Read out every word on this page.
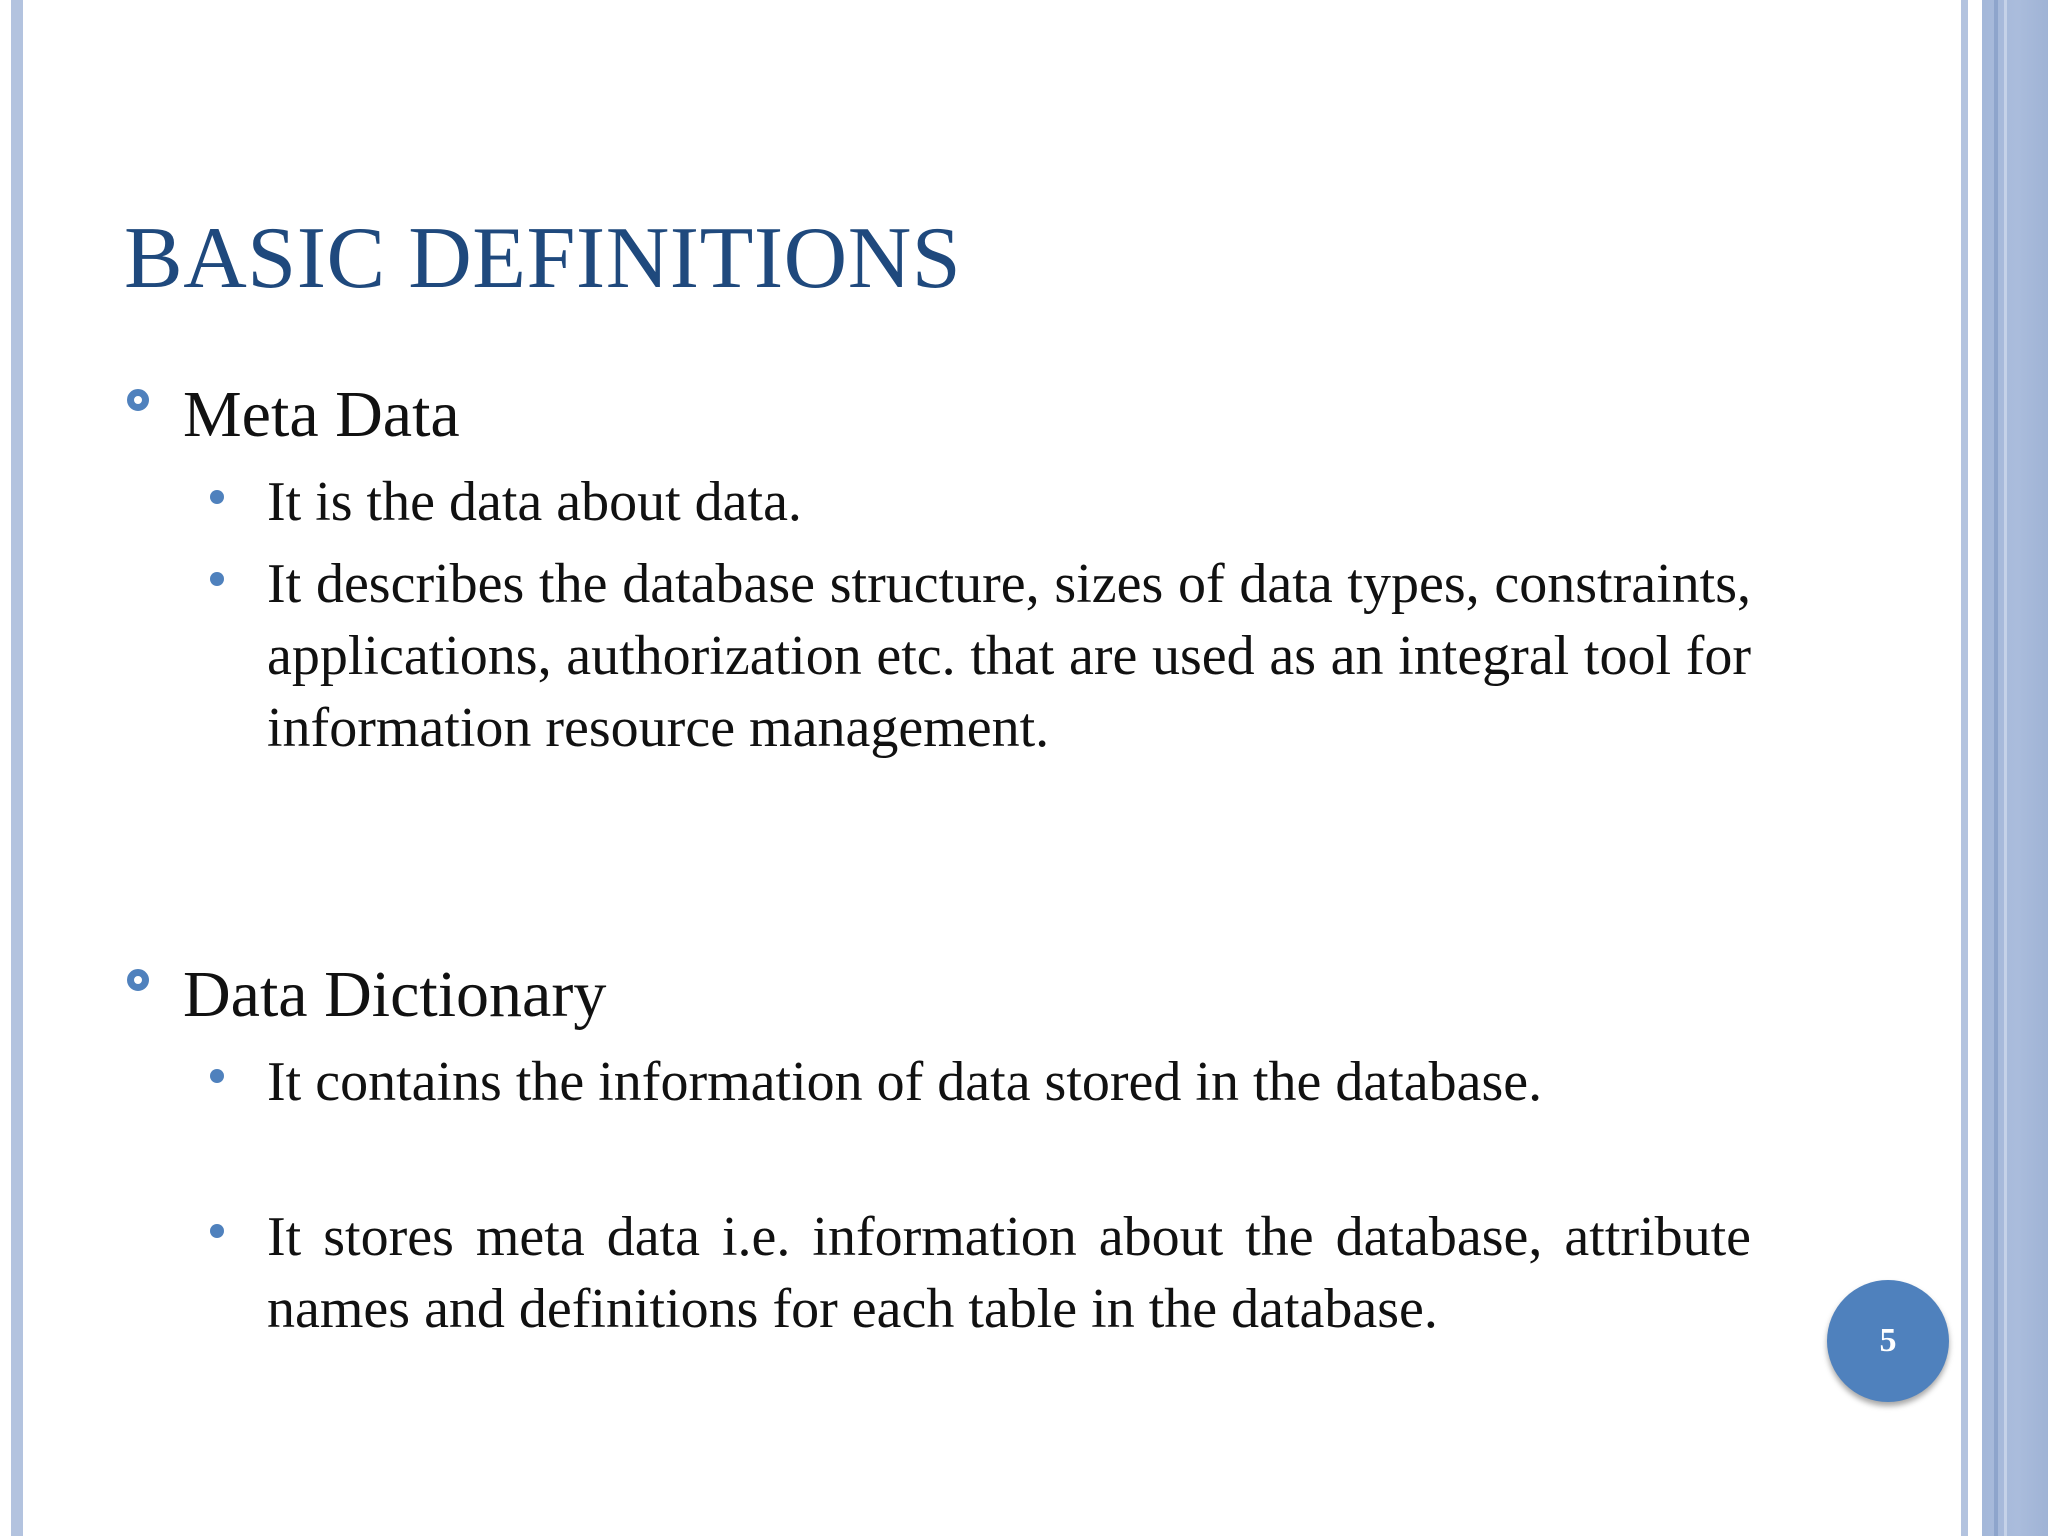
BASIC DEFINITIONS
Meta Data
It is the data about data.
It describes the database structure, sizes of data types, constraints, applications, authorization etc. that are used as an integral tool for information resource management.
Data Dictionary
It contains the information of data stored in the database.
It stores meta data i.e. information about the database, attribute names and definitions for each table in the database.
5
